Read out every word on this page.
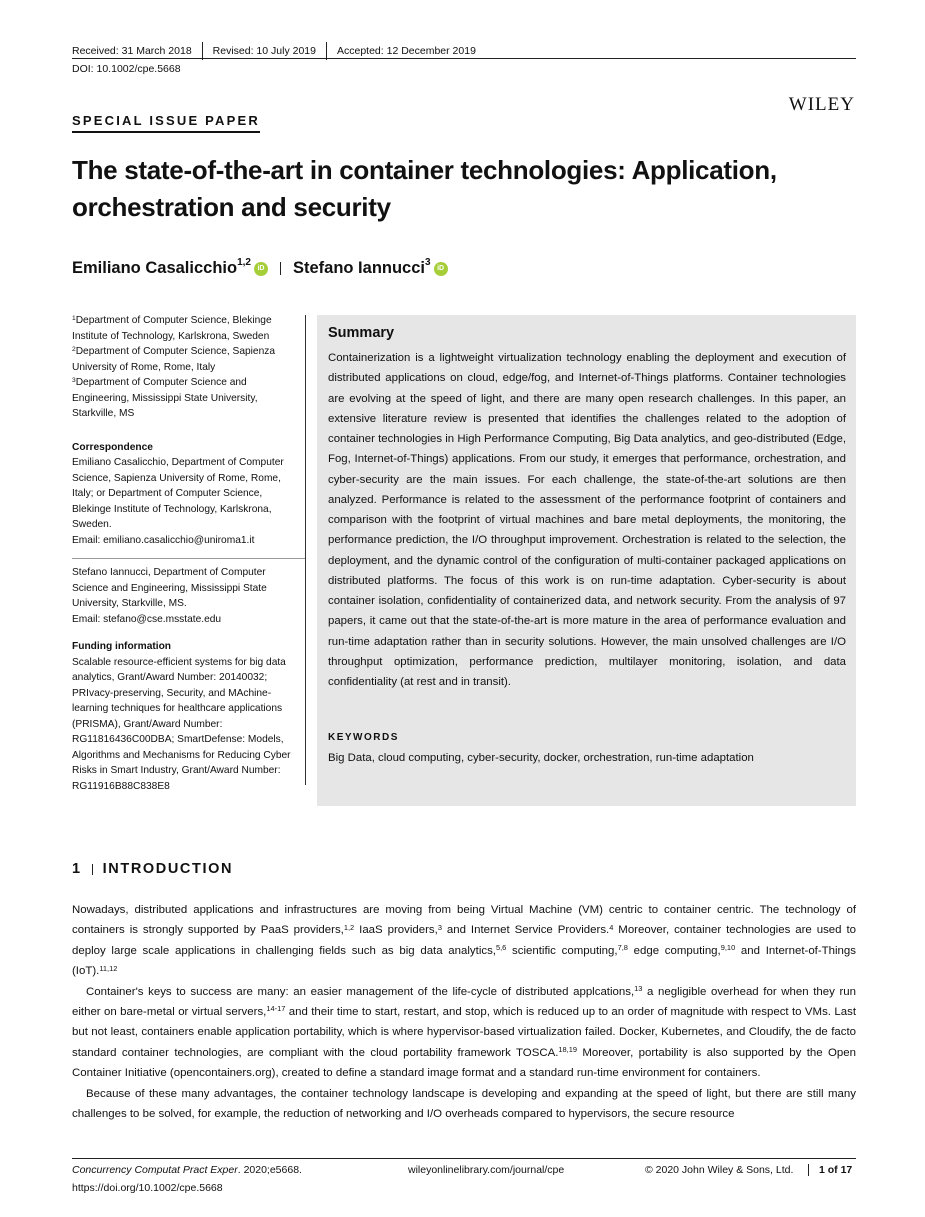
Received: 31 March 2018	Revised: 10 July 2019	Accepted: 12 December 2019
DOI: 10.1002/cpe.5668
WILEY
SPECIAL ISSUE PAPER
The state-of-the-art in container technologies: Application, orchestration and security
Emiliano Casalicchio$^{1,2}$ iD Stefano Iannucci$^3$ iD

$^1$Department of Computer Science, Blekinge Institute of Technology, Karlskrona, Sweden
$^2$Department of Computer Science, Sapienza University of Rome, Rome, Italy
$^3$Department of Computer Science and Engineering, Mississippi State University, Starkville, MS

Correspondence
Emiliano Casalicchio, Department of Computer Science, Sapienza University of Rome, Rome, Italy; or Department of Computer Science, Blekinge Institute of Technology, Karlskrona, Sweden.
Email: emiliano.casalicchio@uniroma1.it

Stefano Iannucci, Department of Computer Science and Engineering, Mississippi State University, Starkville, MS.
Email: stefano@cse.msstate.edu

Funding information
Scalable resource-efficient systems for big data analytics, Grant/Award Number: 20140032; PRIvacy-preserving, Security, and MAchine-learning techniques for healthcare applications (PRISMA), Grant/Award Number: RG11816436C00DBA; SmartDefense: Models, Algorithms and Mechanisms for Reducing Cyber Risks in Smart Industry, Grant/Award Number: RG11916B88C838E8

Summary
Containerization is a lightweight virtualization technology enabling the deployment and execution of distributed applications on cloud, edge/fog, and Internet-of-Things platforms. Container technologies are evolving at the speed of light, and there are many open research challenges. In this paper, an extensive literature review is presented that identifies the challenges related to the adoption of container technologies in High Performance Computing, Big Data analytics, and geo-distributed (Edge, Fog, Internet-of-Things) applications. From our study, it emerges that performance, orchestration, and cyber-security are the main issues. For each challenge, the state-of-the-art solutions are then analyzed. Performance is related to the assessment of the performance footprint of containers and comparison with the footprint of virtual machines and bare metal deployments, the monitoring, the performance prediction, the I/O throughput improvement. Orchestration is related to the selection, the deployment, and the dynamic control of the configuration of multi-container packaged applications on distributed platforms. The focus of this work is on run-time adaptation. Cyber-security is about container isolation, confidentiality of containerized data, and network security. From the analysis of 97 papers, it came out that the state-of-the-art is more mature in the area of performance evaluation and run-time adaptation rather than in security solutions. However, the main unsolved challenges are I/O throughput optimization, performance prediction, multilayer monitoring, isolation, and data confidentiality (at rest and in transit).
KEYWORDS
Big Data, cloud computing, cyber-security, docker, orchestration, run-time adaptation
1 INTRODUCTION

Nowadays, distributed applications and infrastructures are moving from being Virtual Machine (VM) centric to container centric. The technology of containers is strongly supported by PaaS providers,$^{1,2}$ IaaS providers,$^3$ and Internet Service Providers.$^4$ Moreover, container technologies are used to deploy large scale applications in challenging fields such as big data analytics,$^{5,6}$ scientific computing,$^{7,8}$ edge computing,$^{9,10}$ and Internet-of-Things (IoT).$^{11,12}$

Container's keys to success are many: an easier management of the life-cycle of distributed applcations,$^{13}$ a negligible overhead for when they run either on bare-metal or virtual servers,$^{14-17}$ and their time to start, restart, and stop, which is reduced up to an order of magnitude with respect to VMs. Last but not least, containers enable application portability, which is where hypervisor-based virtualization failed. Docker, Kubernetes, and Cloudify, the de facto standard container technologies, are compliant with the cloud portability framework TOSCA.$^{18,19}$ Moreover, portability is also supported by the Open Container Initiative (opencontainers.org), created to define a standard image format and a standard run-time environment for containers.

Because of these many advantages, the container technology landscape is developing and expanding at the speed of light, but there are still many challenges to be solved, for example, the reduction of networking and I/O overheads compared to hypervisors, the secure resource

Concurrency Computat Pract Exper. 2020;e5668.
https://doi.org/10.1002/cpe.5668
wileyonlinelibrary.com/journal/cpe	© 2020 John Wiley & Sons, Ltd.	1 of 17
